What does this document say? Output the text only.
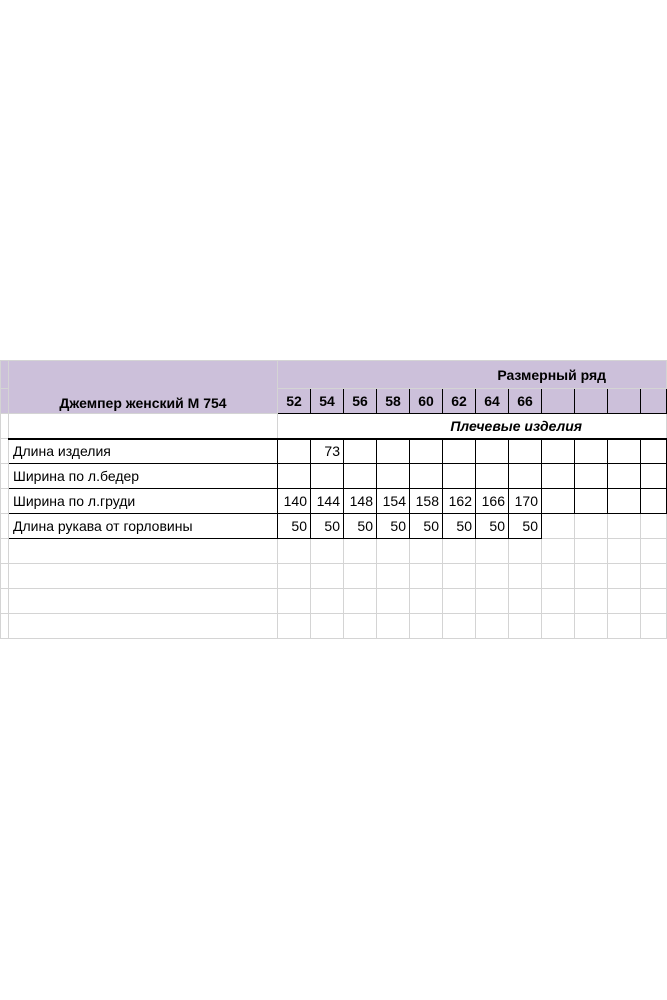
	Джемпер женский М 754	Размерный ряд											
		52	54	56	58	60	62	64	66				
		Плечевые изделия											
	Длина изделия		73										
	Ширина по л.бедер												
	Ширина по л.груди	140	144	148	154	158	162	166	170				
	Длина рукава от горловины	50	50	50	50	50	50	50	50				
